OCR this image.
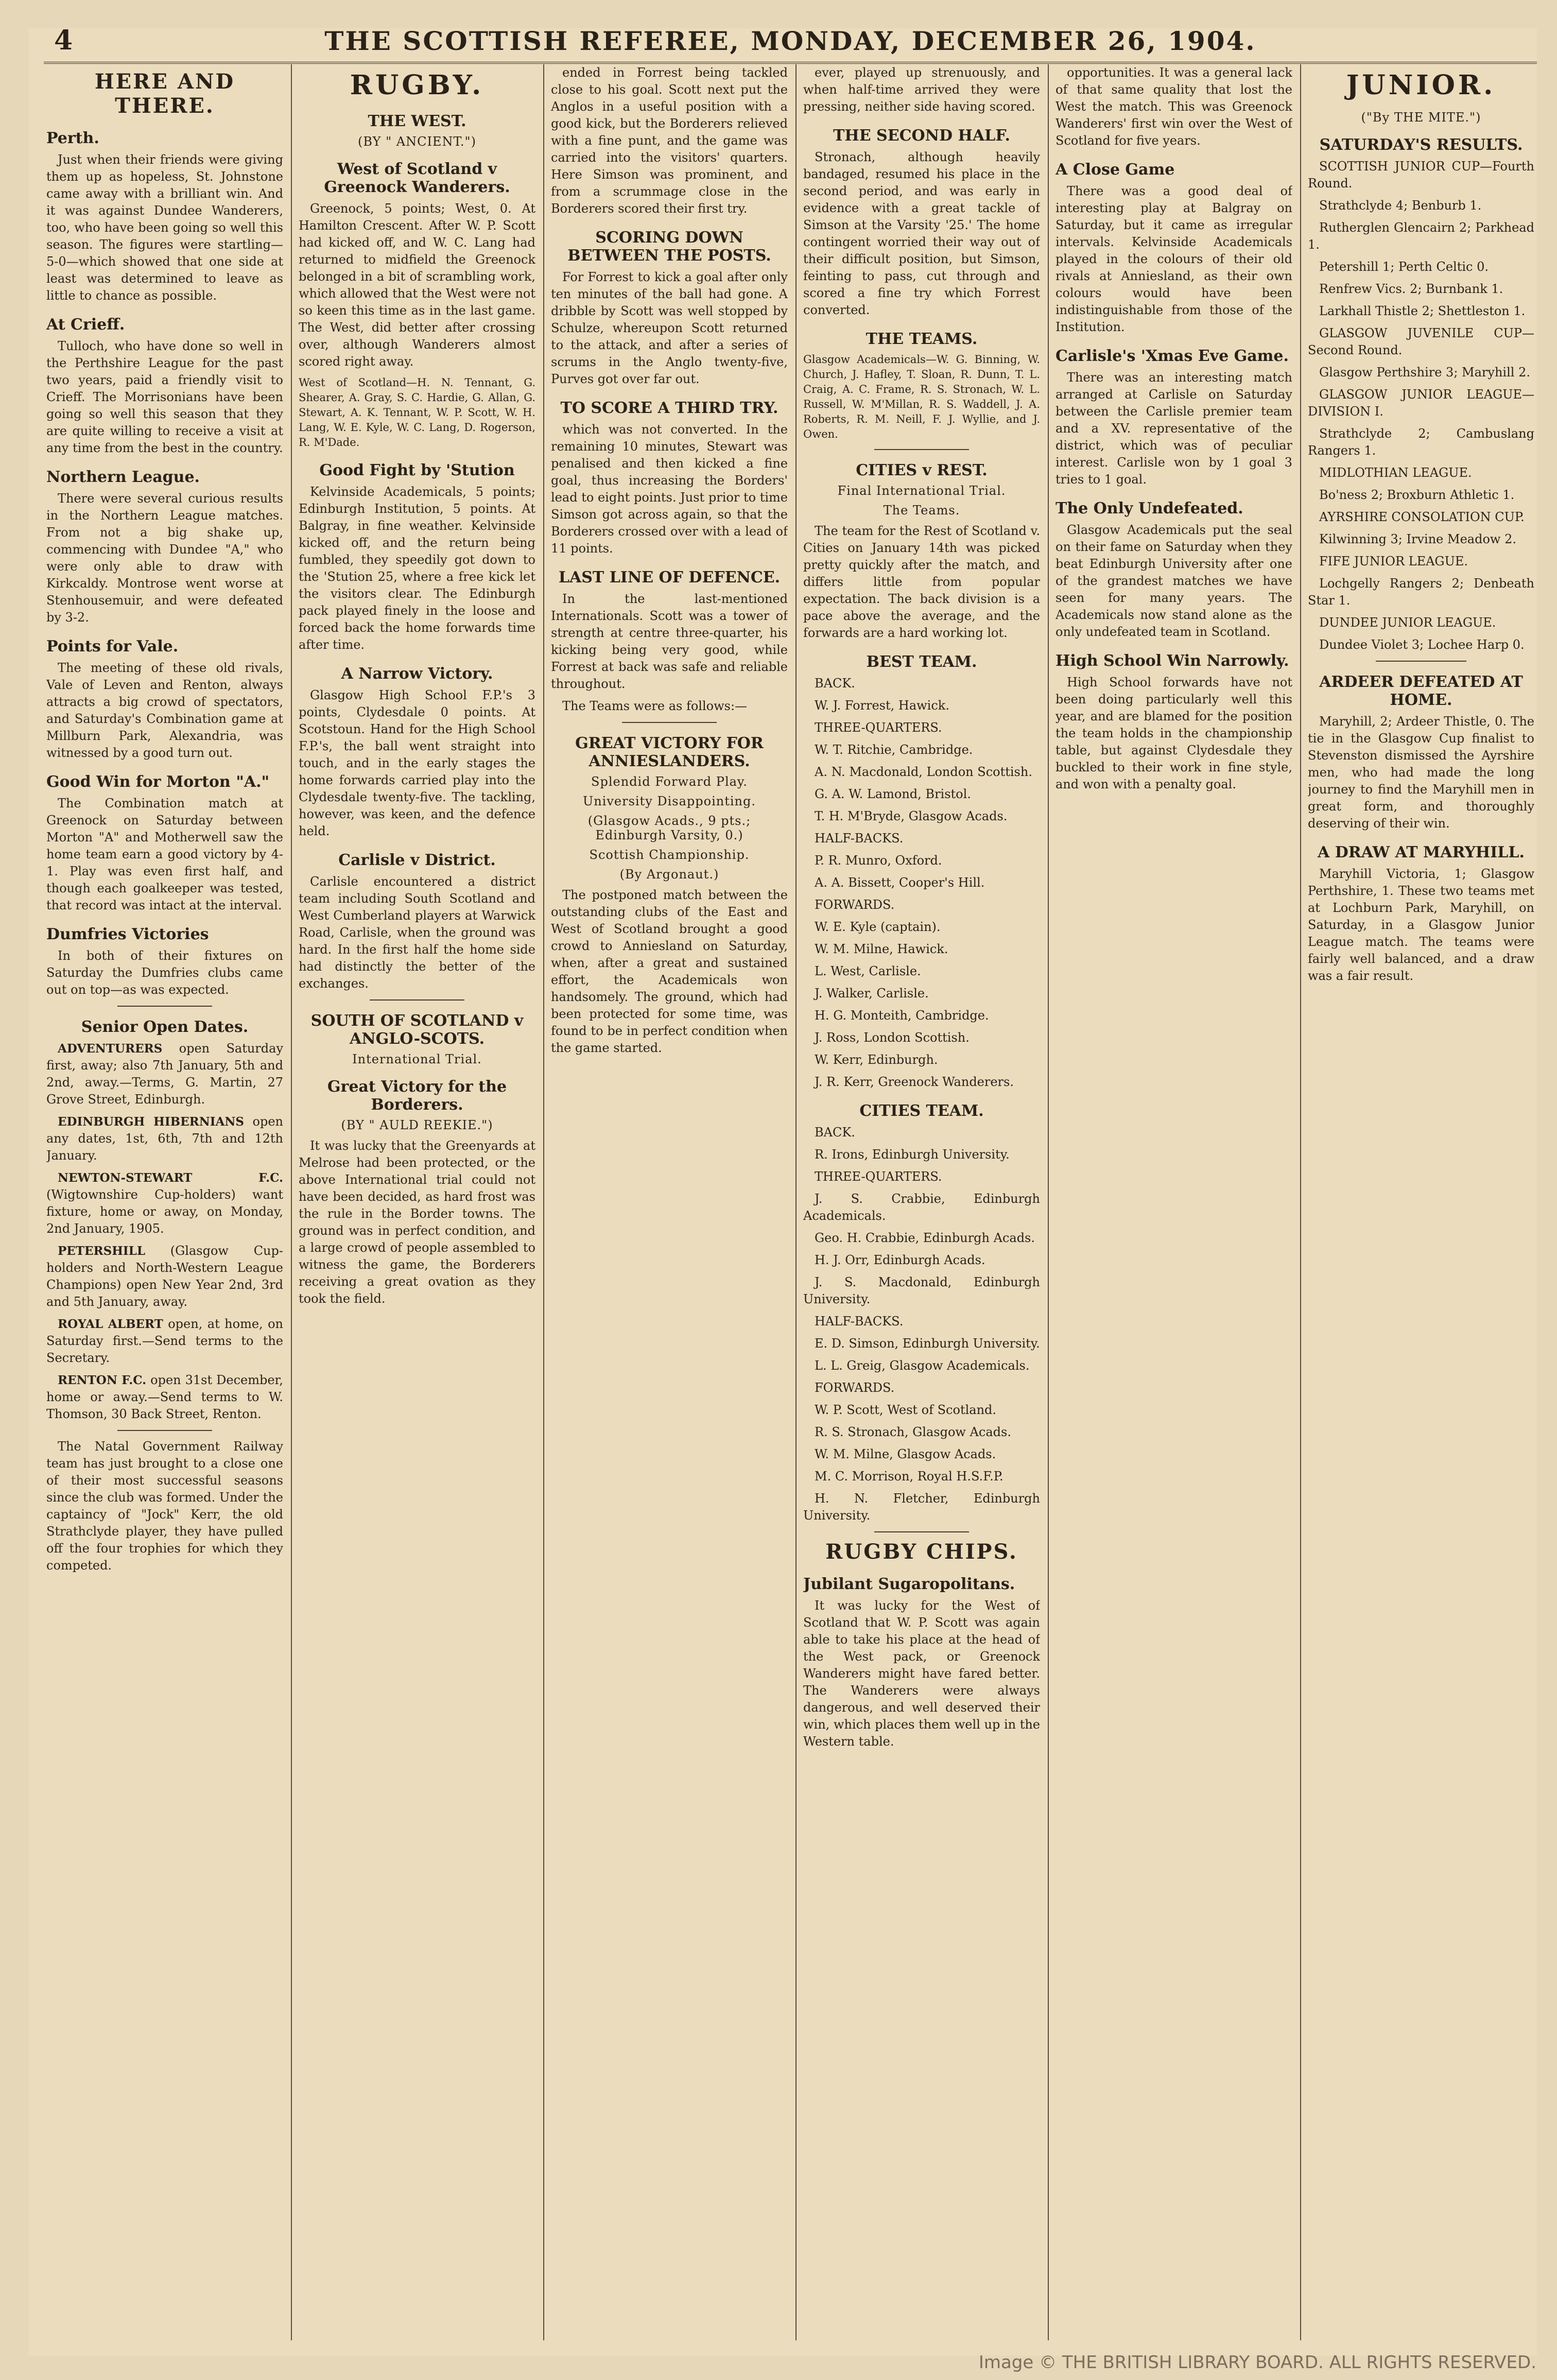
4	THE SCOTTISH REFEREE, MONDAY, DECEMBER 26, 1904.
HERE AND THERE.
Perth.

Just when their friends were giving them up as hopeless, St. Johnstone came away with a brilliant win. And it was against Dundee Wanderers, too, who have been going so well this season. The figures were startling—5-0—which showed that one side at least was determined to leave as little to chance as possible.

At Crieff.

Tulloch, who have done so well in the Perthshire League for the past two years, paid a friendly visit to Crieff. The Morrisonians have been going so well this season that they are quite willing to receive a visit at any time from the best in the country.

Northern League.

There were several curious results in the Northern League matches. From not a big shake up, commencing with Dundee "A," who were only able to draw with Kirkcaldy. Montrose went worse at Stenhousemuir, and were defeated by 3-2.

Points for Vale.

The meeting of these old rivals, Vale of Leven and Renton, always attracts a big crowd of spectators, and Saturday's Combination game at Millburn Park, Alexandria, was witnessed by a good turn out.

Good Win for Morton "A."

The Combination match at Greenock on Saturday between Morton "A" and Motherwell saw the home team earn a good victory by 4-1. Play was even first half, and though each goalkeeper was tested, that record was intact at the interval.

Dumfries Victories

In both of their fixtures on Saturday the Dumfries clubs came out on top—as was expected.

Senior Open Dates.

ADVENTURERS open Saturday first, away; also 7th January, 5th and 2nd, away.—Terms, G. Martin, 27 Grove Street, Edinburgh.

EDINBURGH HIBERNIANS open any dates, 1st, 6th, 7th and 12th January.

NEWTON-STEWART F.C. (Wigtownshire Cup-holders) want fixture, home or away, on Monday, 2nd January, 1905.

PETERSHILL (Glasgow Cup-holders and North-Western League Champions) open New Year 2nd, 3rd and 5th January, away.

ROYAL ALBERT open, at home, on Saturday first.—Send terms to the Secretary.

RENTON F.C. open 31st December, home or away.—Send terms to W. Thomson, 30 Back Street, Renton.

The Natal Government Railway team has just brought to a close one of their most successful seasons since the club was formed. Under the captaincy of "Jock" Kerr, the old Strathclyde player, they have pulled off the four trophies for which they competed.

RUGBY.
THE WEST.
(BY " ANCIENT.")
West of Scotland v Greenock Wanderers.

Greenock, 5 points; West, 0. At Hamilton Crescent. After W. P. Scott had kicked off, and W. C. Lang had returned to midfield the Greenock belonged in a bit of scrambling work, which allowed that the West were not so keen this time as in the last game. The West, did better after crossing over, although Wanderers almost scored right away.

West of Scotland—H. N. Tennant, G. Shearer, A. Gray, S. C. Hardie, G. Allan, G. Stewart, A. K. Tennant, W. P. Scott, W. H. Lang, W. E. Kyle, W. C. Lang, D. Rogerson, R. M'Dade.

Good Fight by 'Stution

Kelvinside Academicals, 5 points; Edinburgh Institution, 5 points. At Balgray, in fine weather. Kelvinside kicked off, and the return being fumbled, they speedily got down to the 'Stution 25, where a free kick let the visitors clear. The Edinburgh pack played finely in the loose and forced back the home forwards time after time.

A Narrow Victory.

Glasgow High School F.P.'s 3 points, Clydesdale 0 points. At Scotstoun. Hand for the High School F.P.'s, the ball went straight into touch, and in the early stages the home forwards carried play into the Clydesdale twenty-five. The tackling, however, was keen, and the defence held.

Carlisle v District.

Carlisle encountered a district team including South Scotland and West Cumberland players at Warwick Road, Carlisle, when the ground was hard. In the first half the home side had distinctly the better of the exchanges.

SOUTH OF SCOTLAND v ANGLO-SCOTS.
International Trial.
Great Victory for the Borderers.
(BY " AULD REEKIE.")

It was lucky that the Greenyards at Melrose had been protected, or the above International trial could not have been decided, as hard frost was the rule in the Border towns. The ground was in perfect condition, and a large crowd of people assembled to witness the game, the Borderers receiving a great ovation as they took the field.

ended in Forrest being tackled close to his goal. Scott next put the Anglos in a useful position with a good kick, but the Borderers relieved with a fine punt, and the game was carried into the visitors' quarters. Here Simson was prominent, and from a scrummage close in the Borderers scored their first try.

SCORING DOWN BETWEEN THE POSTS.

For Forrest to kick a goal after only ten minutes of the ball had gone. A dribble by Scott was well stopped by Schulze, whereupon Scott returned to the attack, and after a series of scrums in the Anglo twenty-five, Purves got over far out.

TO SCORE A THIRD TRY.

which was not converted. In the remaining 10 minutes, Stewart was penalised and then kicked a fine goal, thus increasing the Borders' lead to eight points. Just prior to time Simson got across again, so that the Borderers crossed over with a lead of 11 points.

LAST LINE OF DEFENCE.

In the last-mentioned Internationals. Scott was a tower of strength at centre three-quarter, his kicking being very good, while Forrest at back was safe and reliable throughout.

The Teams were as follows:—

GREAT VICTORY FOR ANNIESLANDERS.
Splendid Forward Play.
University Disappointing.
(Glasgow Acads., 9 pts.; Edinburgh Varsity, 0.)
Scottish Championship.
(By Argonaut.)

The postponed match between the outstanding clubs of the East and West of Scotland brought a good crowd to Anniesland on Saturday, when, after a great and sustained effort, the Academicals won handsomely. The ground, which had been protected for some time, was found to be in perfect condition when the game started.

ever, played up strenuously, and when half-time arrived they were pressing, neither side having scored.

THE SECOND HALF.

Stronach, although heavily bandaged, resumed his place in the second period, and was early in evidence with a great tackle of Simson at the Varsity '25.' The home contingent worried their way out of their difficult position, but Simson, feinting to pass, cut through and scored a fine try which Forrest converted.

THE TEAMS.

Glasgow Academicals—W. G. Binning, W. Church, J. Hafley, T. Sloan, R. Dunn, T. L. Craig, A. C. Frame, R. S. Stronach, W. L. Russell, W. M'Millan, R. S. Waddell, J. A. Roberts, R. M. Neill, F. J. Wyllie, and J. Owen.

CITIES v REST.
Final International Trial.
The Teams.

The team for the Rest of Scotland v. Cities on January 14th was picked pretty quickly after the match, and differs little from popular expectation. The back division is a pace above the average, and the forwards are a hard working lot.

BEST TEAM.

BACK.

W. J. Forrest, Hawick.

THREE-QUARTERS.

W. T. Ritchie, Cambridge.

A. N. Macdonald, London Scottish.

G. A. W. Lamond, Bristol.

T. H. M'Bryde, Glasgow Acads.

HALF-BACKS.

P. R. Munro, Oxford.

A. A. Bissett, Cooper's Hill.

FORWARDS.

W. E. Kyle (captain).

W. M. Milne, Hawick.

L. West, Carlisle.

J. Walker, Carlisle.

H. G. Monteith, Cambridge.

J. Ross, London Scottish.

W. Kerr, Edinburgh.

J. R. Kerr, Greenock Wanderers.

CITIES TEAM.

BACK.

R. Irons, Edinburgh University.

THREE-QUARTERS.

J. S. Crabbie, Edinburgh Academicals.

Geo. H. Crabbie, Edinburgh Acads.

H. J. Orr, Edinburgh Acads.

J. S. Macdonald, Edinburgh University.

HALF-BACKS.

E. D. Simson, Edinburgh University.

L. L. Greig, Glasgow Academicals.

FORWARDS.

W. P. Scott, West of Scotland.

R. S. Stronach, Glasgow Acads.

W. M. Milne, Glasgow Acads.

M. C. Morrison, Royal H.S.F.P.

H. N. Fletcher, Edinburgh University.

RUGBY CHIPS.
Jubilant Sugaropolitans.

It was lucky for the West of Scotland that W. P. Scott was again able to take his place at the head of the West pack, or Greenock Wanderers might have fared better. The Wanderers were always dangerous, and well deserved their win, which places them well up in the Western table.

opportunities. It was a general lack of that same quality that lost the West the match. This was Greenock Wanderers' first win over the West of Scotland for five years.

A Close Game

There was a good deal of interesting play at Balgray on Saturday, but it came as irregular intervals. Kelvinside Academicals played in the colours of their old rivals at Anniesland, as their own colours would have been indistinguishable from those of the Institution.

Carlisle's 'Xmas Eve Game.

There was an interesting match arranged at Carlisle on Saturday between the Carlisle premier team and a XV. representative of the district, which was of peculiar interest. Carlisle won by 1 goal 3 tries to 1 goal.

The Only Undefeated.

Glasgow Academicals put the seal on their fame on Saturday when they beat Edinburgh University after one of the grandest matches we have seen for many years. The Academicals now stand alone as the only undefeated team in Scotland.

High School Win Narrowly.

High School forwards have not been doing particularly well this year, and are blamed for the position the team holds in the championship table, but against Clydesdale they buckled to their work in fine style, and won with a penalty goal.

JUNIOR.
("By THE MITE.")
SATURDAY'S RESULTS.

SCOTTISH JUNIOR CUP—Fourth Round.

Strathclyde 4; Benburb 1.

Rutherglen Glencairn 2; Parkhead 1.

Petershill 1; Perth Celtic 0.

Renfrew Vics. 2; Burnbank 1.

Larkhall Thistle 2; Shettleston 1.

GLASGOW JUVENILE CUP—Second Round.

Glasgow Perthshire 3; Maryhill 2.

GLASGOW JUNIOR LEAGUE—DIVISION I.

Strathclyde 2; Cambuslang Rangers 1.

MIDLOTHIAN LEAGUE.

Bo'ness 2; Broxburn Athletic 1.

AYRSHIRE CONSOLATION CUP.

Kilwinning 3; Irvine Meadow 2.

FIFE JUNIOR LEAGUE.

Lochgelly Rangers 2; Denbeath Star 1.

DUNDEE JUNIOR LEAGUE.

Dundee Violet 3; Lochee Harp 0.

ARDEER DEFEATED AT HOME.

Maryhill, 2; Ardeer Thistle, 0. The tie in the Glasgow Cup finalist to Stevenston dismissed the Ayrshire men, who had made the long journey to find the Maryhill men in great form, and thoroughly deserving of their win.

A DRAW AT MARYHILL.

Maryhill Victoria, 1; Glasgow Perthshire, 1. These two teams met at Lochburn Park, Maryhill, on Saturday, in a Glasgow Junior League match. The teams were fairly well balanced, and a draw was a fair result.

Image © THE BRITISH LIBRARY BOARD. ALL RIGHTS RESERVED.
